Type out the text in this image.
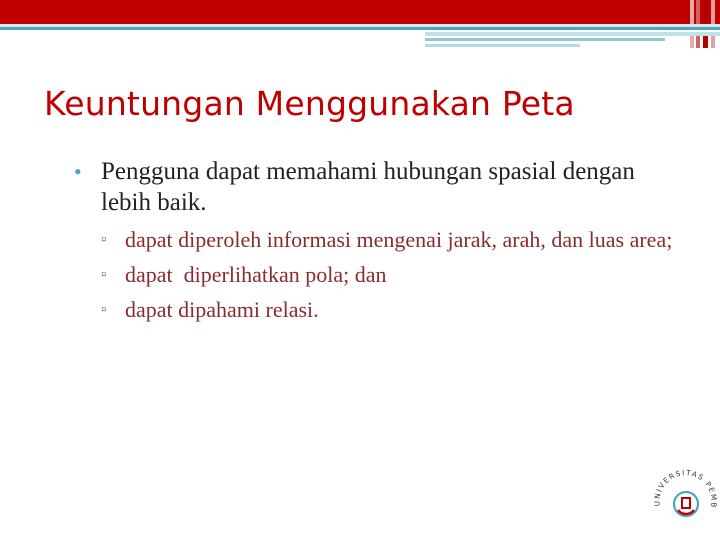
Keuntungan Menggunakan Peta
• Pengguna dapat memahami hubungan spasial dengan lebih baik.
▫ dapat diperoleh informasi mengenai jarak, arah, dan luas area;
▫ dapat  diperlihatkan pola; dan
▫ dapat dipahami relasi.
UNIVERSITAS PEMB
